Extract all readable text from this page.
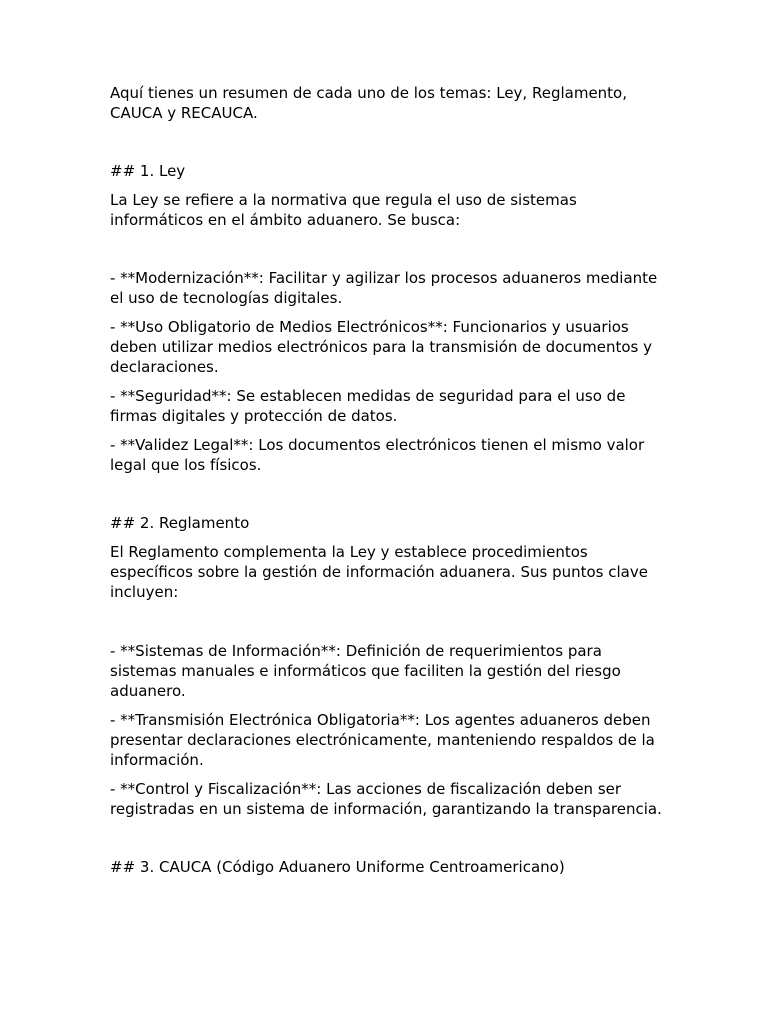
Aquí tienes un resumen de cada uno de los temas: Ley, Reglamento, CAUCA y RECAUCA.

## 1. Ley

La Ley se refiere a la normativa que regula el uso de sistemas informáticos en el ámbito aduanero. Se busca:

- **Modernización**: Facilitar y agilizar los procesos aduaneros mediante el uso de tecnologías digitales.

- **Uso Obligatorio de Medios Electrónicos**: Funcionarios y usuarios deben utilizar medios electrónicos para la transmisión de documentos y declaraciones.

- **Seguridad**: Se establecen medidas de seguridad para el uso de firmas digitales y protección de datos.

- **Validez Legal**: Los documentos electrónicos tienen el mismo valor legal que los físicos.

## 2. Reglamento

El Reglamento complementa la Ley y establece procedimientos específicos sobre la gestión de información aduanera. Sus puntos clave incluyen:

- **Sistemas de Información**: Definición de requerimientos para sistemas manuales e informáticos que faciliten la gestión del riesgo aduanero.

- **Transmisión Electrónica Obligatoria**: Los agentes aduaneros deben presentar declaraciones electrónicamente, manteniendo respaldos de la información.

- **Control y Fiscalización**: Las acciones de fiscalización deben ser registradas en un sistema de información, garantizando la transparencia.

## 3. CAUCA (Código Aduanero Uniforme Centroamericano)
